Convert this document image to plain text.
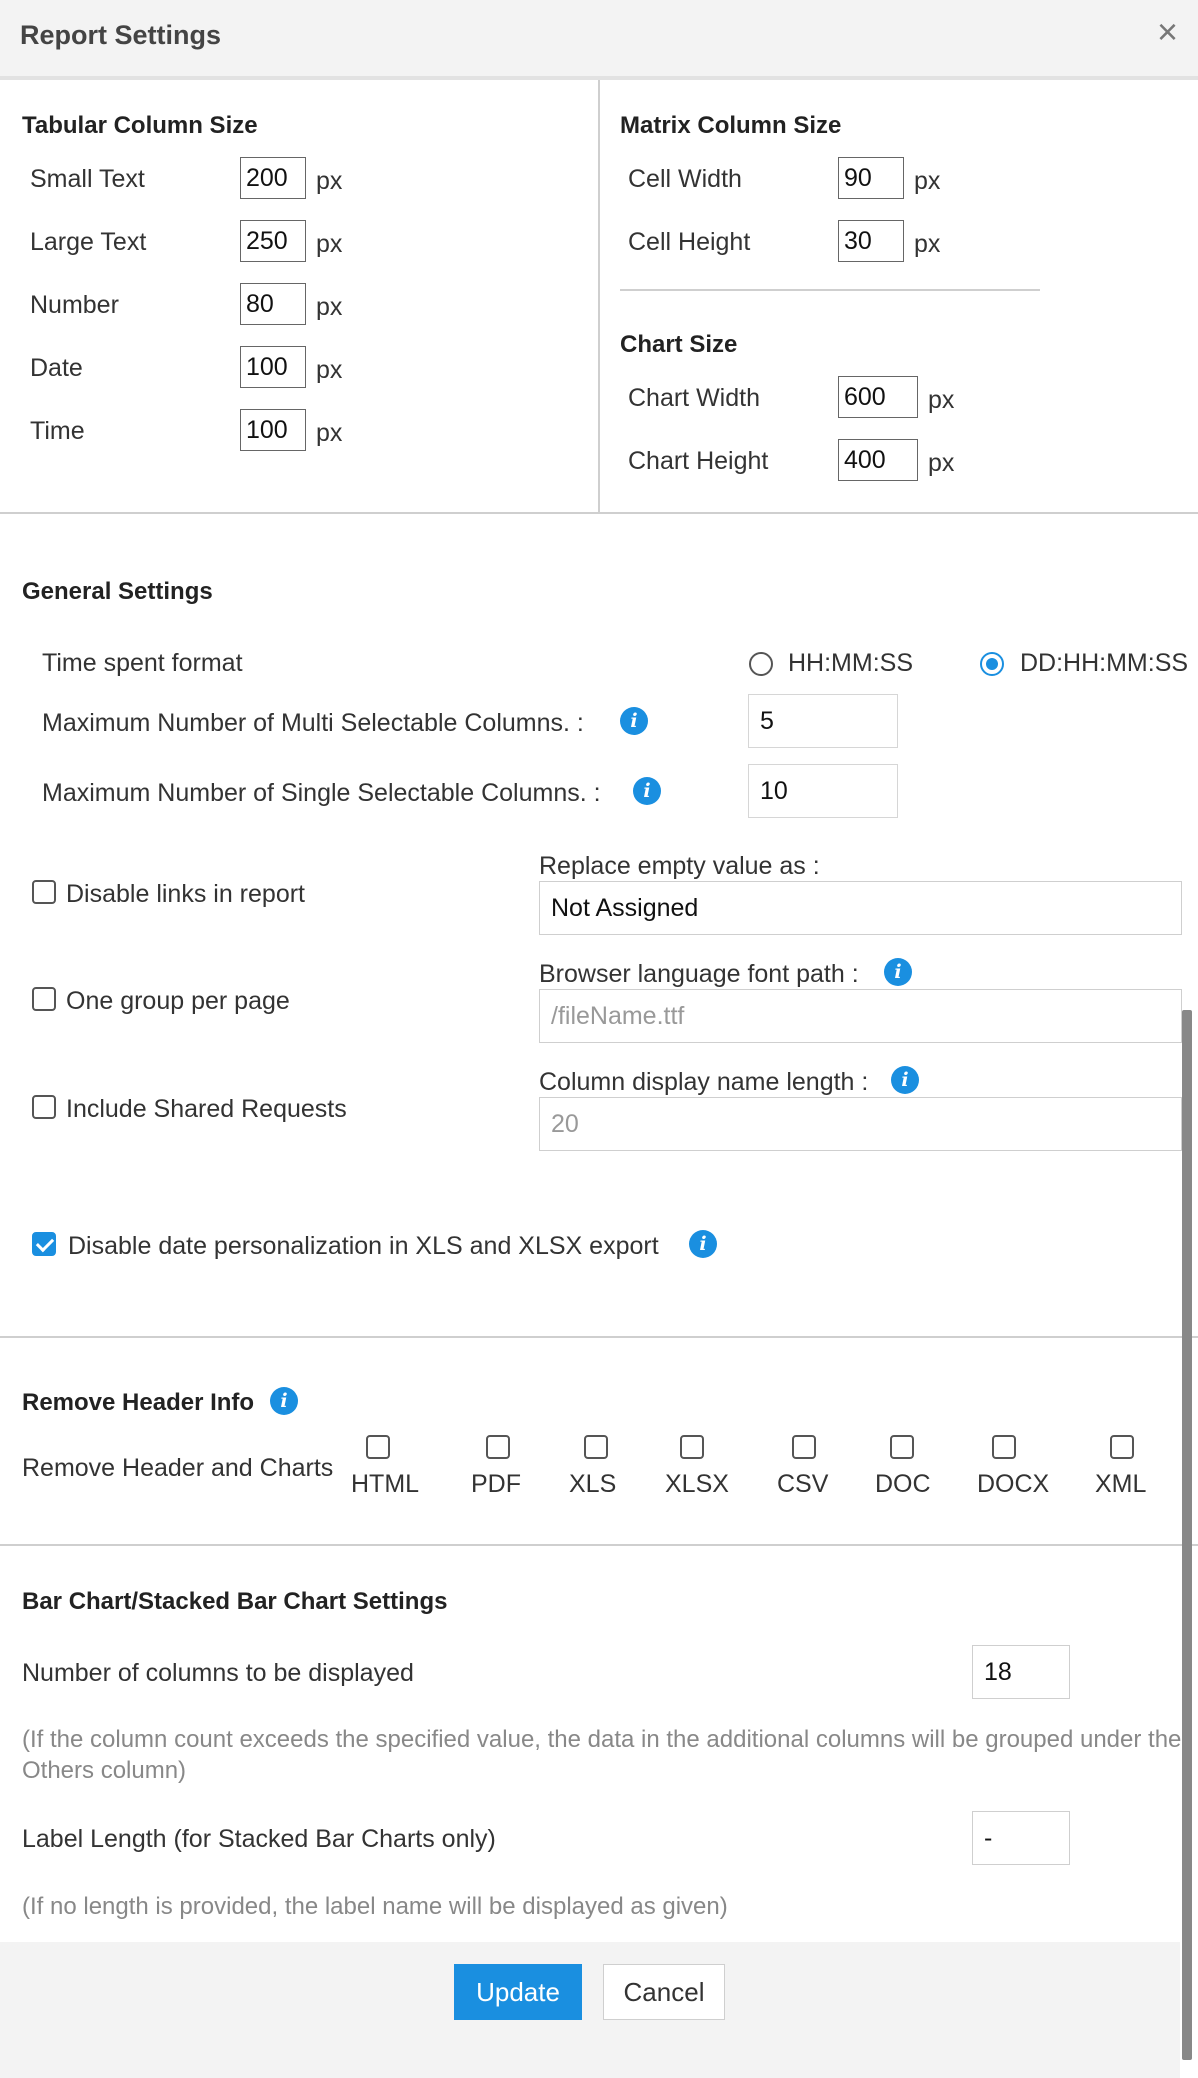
Report Settings	×
Tabular Column Size
Small Text	200	px
Large Text	250	px
Number	80	px
Date	100	px
Time	100	px
Matrix Column Size
Cell Width	90	px
Cell Height	30	px
Chart Size
Chart Width	600	px
Chart Height	400	px
General Settings
Time spent format	HH:MM:SS	DD:HH:MM:SS
Maximum Number of Multi Selectable Columns. :	i	5
Maximum Number of Single Selectable Columns. :	i	10
Disable links in report
One group per page
Include Shared Requests
Replace empty value as :
Not Assigned
Browser language font path :	i
/fileName.ttf
Column display name length :	i
20
Disable date personalization in XLS and XLSX export	i
Remove Header Info	i
Remove Header and Charts
HTML PDF XLS XLSX CSV DOC DOCX XML
Bar Chart/Stacked Bar Chart Settings
Number of columns to be displayed	18
(If the column count exceeds the specified value, the data in the additional columns will be grouped under the Others column)
Label Length (for Stacked Bar Charts only)	-
(If no length is provided, the label name will be displayed as given)
Update	Cancel
